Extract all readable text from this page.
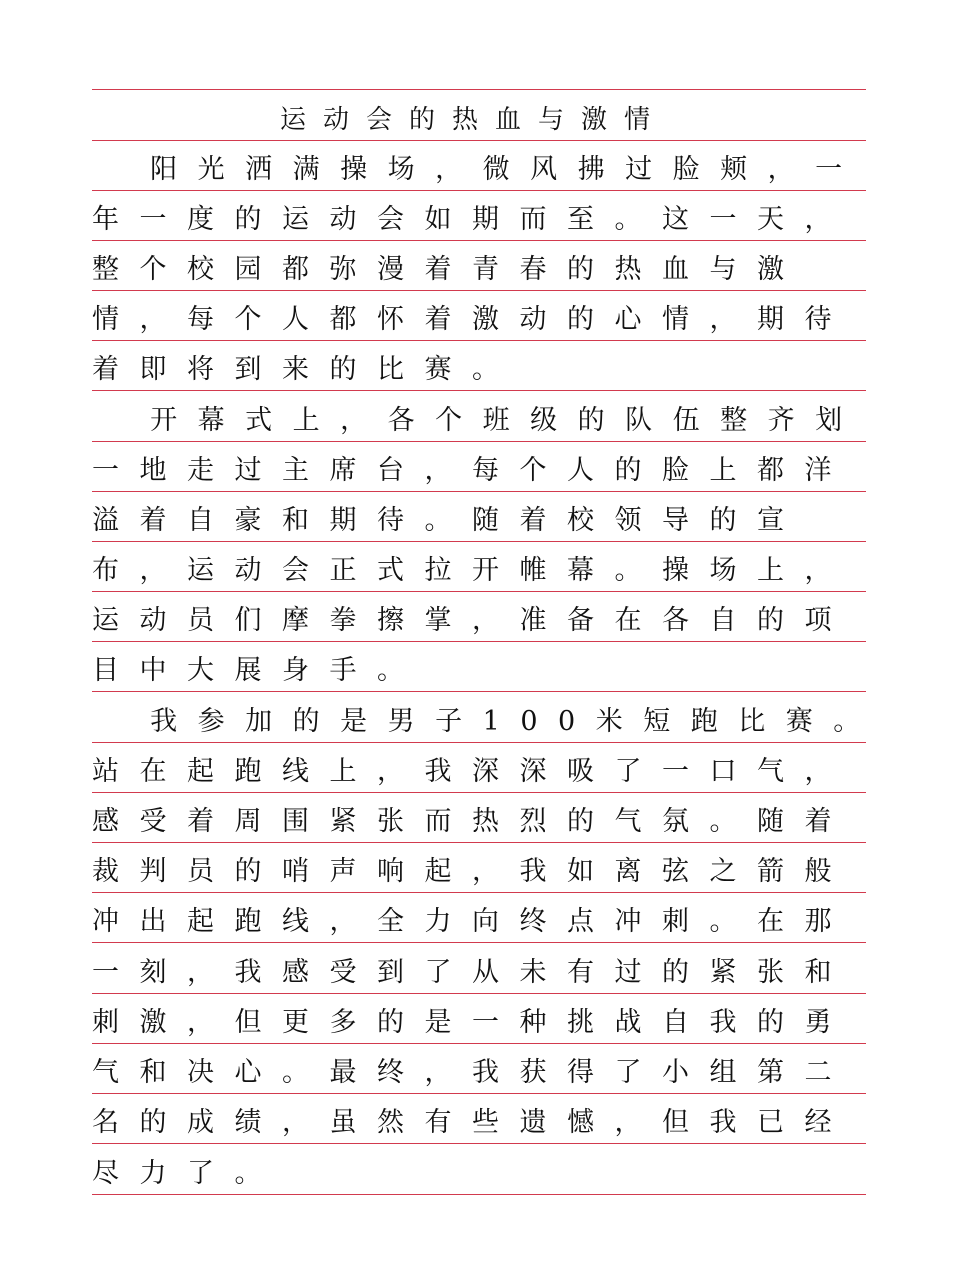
运动会的热血与激情
阳光洒满操场，微风拂过脸颊，一
年一度的运动会如期而至。这一天，
整个校园都弥漫着青春的热血与激
情，每个人都怀着激动的心情，期待
着即将到来的比赛。
开幕式上，各个班级的队伍整齐划
一地走过主席台，每个人的脸上都洋
溢着自豪和期待。随着校领导的宣
布，运动会正式拉开帷幕。操场上，
运动员们摩拳擦掌，准备在各自的项
目中大展身手。
我参加的是男子100米短跑比赛。
站在起跑线上，我深深吸了一口气，
感受着周围紧张而热烈的气氛。随着
裁判员的哨声响起，我如离弦之箭般
冲出起跑线，全力向终点冲刺。在那
一刻，我感受到了从未有过的紧张和
刺激，但更多的是一种挑战自我的勇
气和决心。最终，我获得了小组第二
名的成绩，虽然有些遗憾，但我已经
尽力了。
